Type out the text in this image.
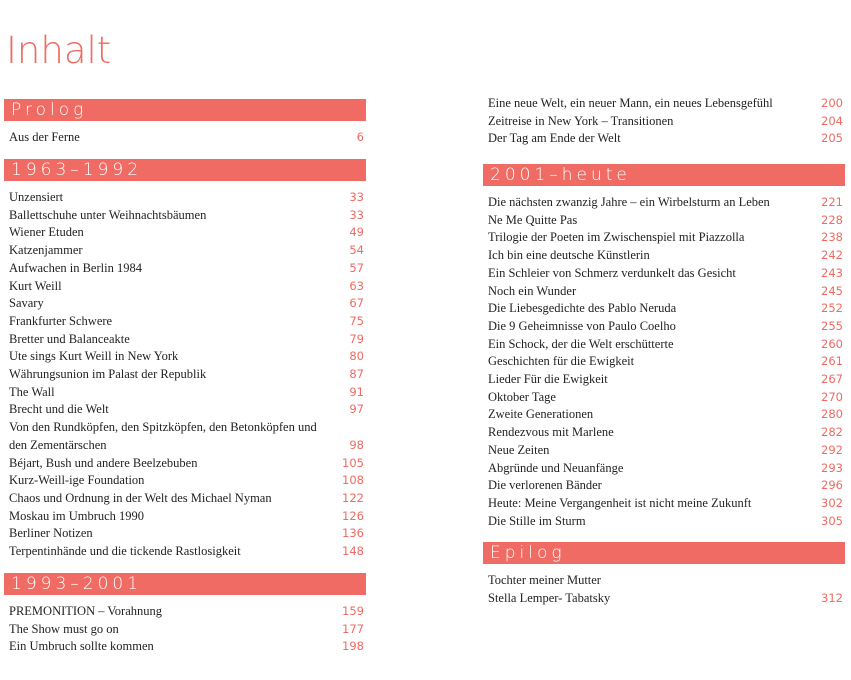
Inhalt
Prolog
Aus der Ferne	6
1963–1992
Unzensiert	33
Ballettschuhe unter Weihnachtsbäumen	33
Wiener Etuden	49
Katzenjammer	54
Aufwachen in Berlin 1984	57
Kurt Weill	63
Savary	67
Frankfurter Schwere	75
Bretter und Balanceakte	79
Ute sings Kurt Weill in New York	80
Währungsunion im Palast der Republik	87
The Wall	91
Brecht und die Welt	97
Von den Rundköpfen, den Spitzköpfen, den Betonköpfen und den Zementärschen	98
Béjart, Bush und andere Beelzebuben	105
Kurz-Weill-ige Foundation	108
Chaos und Ordnung in der Welt des Michael Nyman	122
Moskau im Umbruch 1990	126
Berliner Notizen	136
Terpentinhände und die tickende Rastlosigkeit	148
1993–2001
PREMONITION – Vorahnung	159
The Show must go on	177
Ein Umbruch sollte kommen	198
Eine neue Welt, ein neuer Mann, ein neues Lebensgefühl	200
Zeitreise in New York – Transitionen	204
Der Tag am Ende der Welt	205
2001–heute
Die nächsten zwanzig Jahre – ein Wirbelsturm an Leben	221
Ne Me Quitte Pas	228
Trilogie der Poeten im Zwischenspiel mit Piazzolla	238
Ich bin eine deutsche Künstlerin	242
Ein Schleier von Schmerz verdunkelt das Gesicht	243
Noch ein Wunder	245
Die Liebesgedichte des Pablo Neruda	252
Die 9 Geheimnisse von Paulo Coelho	255
Ein Schock, der die Welt erschütterte	260
Geschichten für die Ewigkeit	261
Lieder Für die Ewigkeit	267
Oktober Tage	270
Zweite Generationen	280
Rendezvous mit Marlene	282
Neue Zeiten	292
Abgründe und Neuanfänge	293
Die verlorenen Bänder	296
Heute: Meine Vergangenheit ist nicht meine Zukunft	302
Die Stille im Sturm	305
Epilog
Tochter meiner Mutter
Stella Lemper- Tabatsky	312
